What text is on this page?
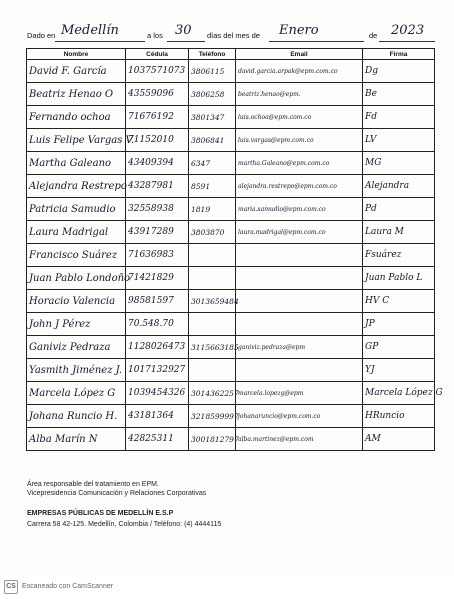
Dado en Medellín	a los 30 días del mes de Enero	de 2023
Nombre	Cédula	Teléfono	Email	Firma
David F. García	1037571073	3806115	david.garcia.arpak@epm.com.co	Dg
Beatriz Henao O	43559096	3806258	beatriz.henao@epm.	Be
Fernando ochoa	71676192	3801347	luis.ochoa@epm.com.co	Fd
Luis Felipe Vargas V.	71152010	3806841	luis.vargas@epm.com.co	LV
Martha Galeano	43409394	6347	martha.Galeano@epm.com.co	MG
Alejandra Restrepo	43287981	8591	alejandra.restrepo@epm.com.co	Alejandra
Patricia Samudio	32558938	1819	maria.samudio@epm.com.co	Pd
Laura Madrigal	43917289	3803870	laura.madrigal@epm.com.co	Laura M
Francisco Suárez	71636983			Fsuárez
Juan Pablo Londoño	71421829			Juan Pablo L
Horacio Valencia	98581597	3013659484		HV C
John J Pérez	70.548.70			JP
Ganiviz Pedraza	1128026473	3115663185	ganiviz.pedraza@epm	GP
Yasmith Jiménez J.	1017132927			YJ
Marcela López G	1039454326	3014362257	marcela.lopezg@epm	Marcela López G
Johana Runcio H.	43181364	3218599997	johanaruncio@epm.com.co	HRuncio
Alba Marín N	42825311	3001812797	alba.martinez@epm.com	AM
Área responsable del tratamiento en EPM.
Vicepresidencia Comunicación y Relaciones Corporativas
EMPRESAS PÚBLICAS DE MEDELLÍN E.S.P
Carrera 58 42-125. Medellín, Colombia / Teléfono: (4) 4444115
CS Escaneado con CamScanner
